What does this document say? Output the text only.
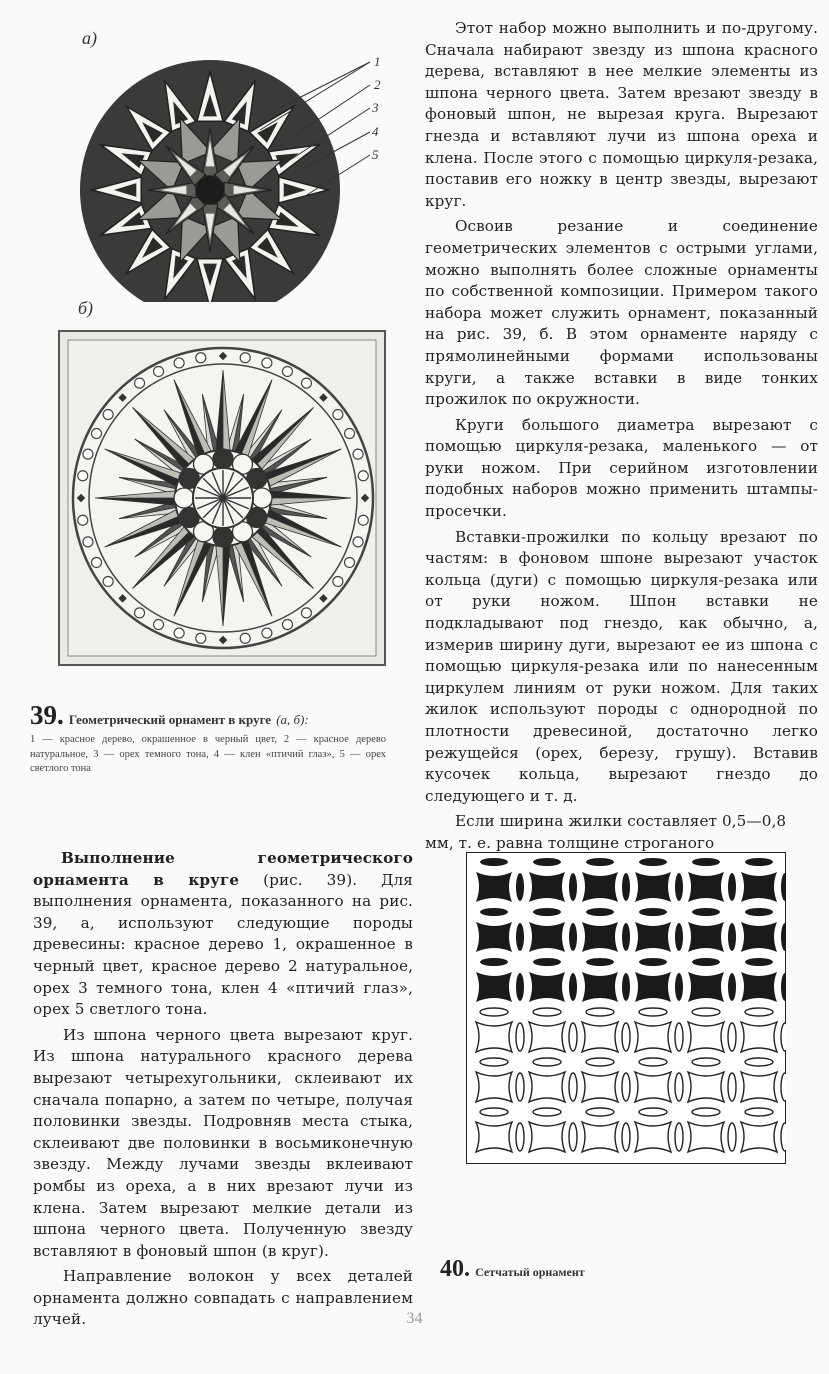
а)
1
2
3
4
5
б)
39. Геометрический орнамент в круге (а, б):
1 — красное дерево, окрашенное в черный цвет, 2 — красное дерево натуральное, 3 — орех темного тона, 4 — клен «птичий глаз», 5 — орех светлого тона

Этот набор можно выполнить и по-другому. Сначала набирают звезду из шпона красного дерева, вставляют в нее мелкие элементы из шпона черного цвета. Затем врезают звезду в фоновый шпон, не вырезая круга. Вырезают гнезда и вставляют лучи из шпона ореха и клена. После этого с помощью циркуля-резака, поставив его ножку в центр звезды, вырезают круг.

Освоив резание и соединение геометрических элементов с острыми углами, можно выполнять более сложные орнаменты по собственной композиции. Примером такого набора может служить орнамент, показанный на рис. 39, б. В этом орнаменте наряду с прямолинейными формами использованы круги, а также вставки в виде тонких прожилок по окружности.

Круги большого диаметра вырезают с помощью циркуля-резака, маленького — от руки ножом. При серийном изготовлении подобных наборов можно применить штампы-просечки.

Вставки-прожилки по кольцу врезают по частям: в фоновом шпоне вырезают участок кольца (дуги) с помощью циркуля-резака или от руки ножом. Шпон вставки не подкладывают под гнездо, как обычно, а, измерив ширину дуги, вырезают ее из шпона с помощью циркуля-резака или по нанесенным циркулем линиям от руки ножом. Для таких жилок используют породы с однородной по плотности древесиной, достаточно легко режущейся (орех, березу, грушу). Вставив кусочек кольца, вырезают гнездо до следующего и т. д.

Если ширина жилки составляет 0,5—0,8 мм, т. е. равна толщине строганого

Выполнение геометрического орнамента в круге (рис. 39). Для выполнения орнамента, показанного на рис. 39, а, используют следующие породы древесины: красное дерево 1, окрашенное в черный цвет, красное дерево 2 натуральное, орех 3 темного тона, клен 4 «птичий глаз», орех 5 светлого тона.

Из шпона черного цвета вырезают круг. Из шпона натурального красного дерева вырезают четырехугольники, склеивают их сначала попарно, а затем по четыре, получая половинки звезды. Подровняв места стыка, склеивают две половинки в восьмиконечную звезду. Между лучами звезды вклеивают ромбы из ореха, а в них врезают лучи из клена. Затем вырезают мелкие детали из шпона черного цвета. Полученную звезду вставляют в фоновый шпон (в круг).

Направление волокон у всех деталей орнамента должно совпадать с направлением лучей.

40. Сетчатый орнамент
34
